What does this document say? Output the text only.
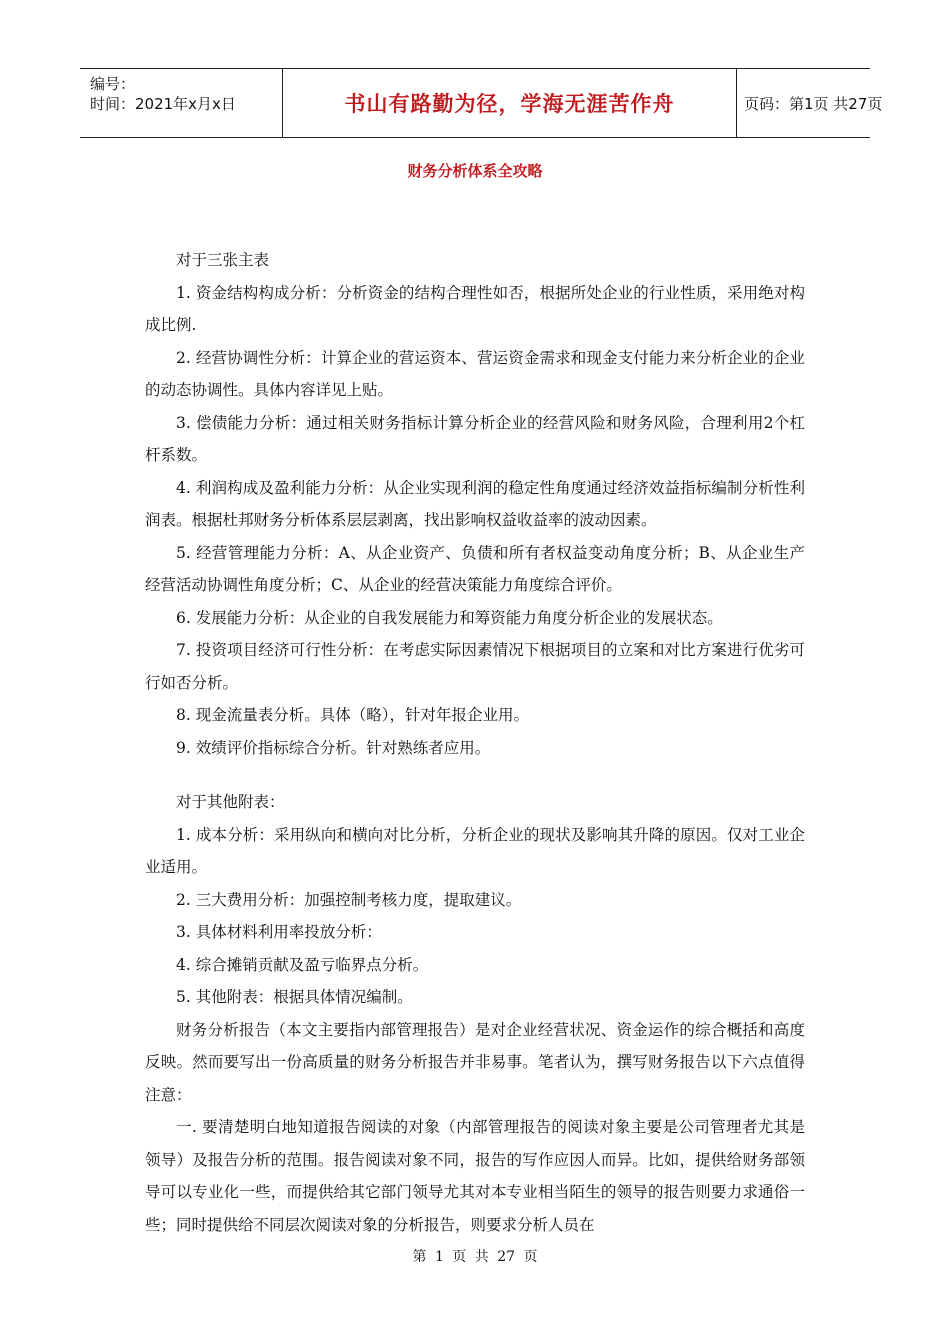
编号：
时间：2021年x月x日	书山有路勤为径，学海无涯苦作舟	页码：第1页 共27页
财务分析体系全攻略

对于三张主表

1. 资金结构构成分析：分析资金的结构合理性如否，根据所处企业的行业性质，采用绝对构成比例.

2. 经营协调性分析：计算企业的营运资本、营运资金需求和现金支付能力来分析企业的企业的动态协调性。具体内容详见上贴。

3. 偿债能力分析：通过相关财务指标计算分析企业的经营风险和财务风险，合理利用2个杠杆系数。

4. 利润构成及盈利能力分析：从企业实现利润的稳定性角度通过经济效益指标编制分析性利润表。根据杜邦财务分析体系层层剥离，找出影响权益收益率的波动因素。

5. 经营管理能力分析：A、从企业资产、负债和所有者权益变动角度分析；B、从企业生产经营活动协调性角度分析；C、从企业的经营决策能力角度综合评价。

6. 发展能力分析：从企业的自我发展能力和筹资能力角度分析企业的发展状态。

7. 投资项目经济可行性分析：在考虑实际因素情况下根据项目的立案和对比方案进行优劣可行如否分析。

8. 现金流量表分析。具体（略），针对年报企业用。

9. 效绩评价指标综合分析。针对熟练者应用。

对于其他附表：

1. 成本分析：采用纵向和横向对比分析，分析企业的现状及影响其升降的原因。仅对工业企业适用。

2. 三大费用分析：加强控制考核力度，提取建议。

3. 具体材料利用率投放分析：

4. 综合摊销贡献及盈亏临界点分析。

5. 其他附表：根据具体情况编制。

财务分析报告（本文主要指内部管理报告）是对企业经营状况、资金运作的综合概括和高度反映。然而要写出一份高质量的财务分析报告并非易事。笔者认为，撰写财务报告以下六点值得注意：

一. 要清楚明白地知道报告阅读的对象（内部管理报告的阅读对象主要是公司管理者尤其是领导）及报告分析的范围。报告阅读对象不同，报告的写作应因人而异。比如，提供给财务部领导可以专业化一些，而提供给其它部门领导尤其对本专业相当陌生的领导的报告则要力求通俗一些；同时提供给不同层次阅读对象的分析报告，则要求分析人员在

第 1 页 共 27 页
